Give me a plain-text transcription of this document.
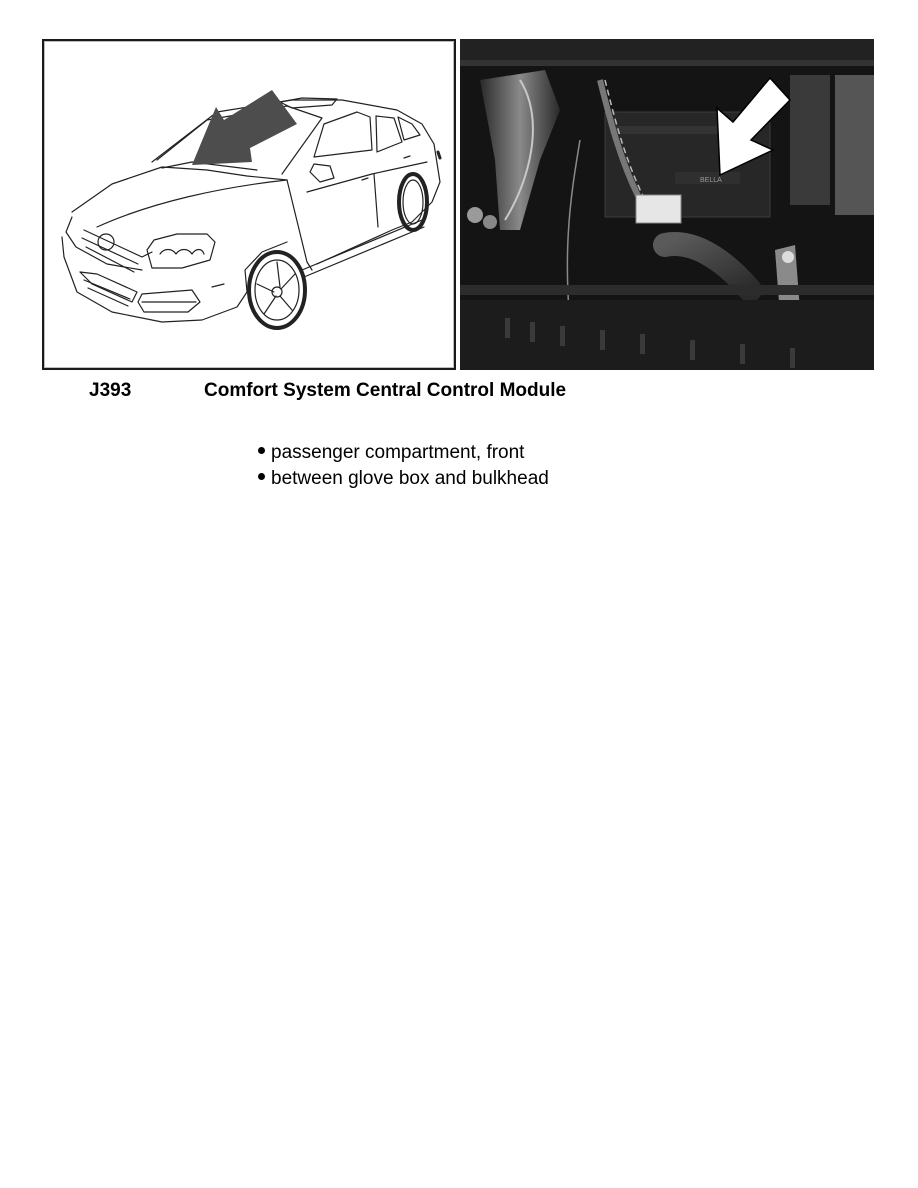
BELLA
J393	Comfort System Central Control Module
passenger compartment, front
between glove box and bulkhead
